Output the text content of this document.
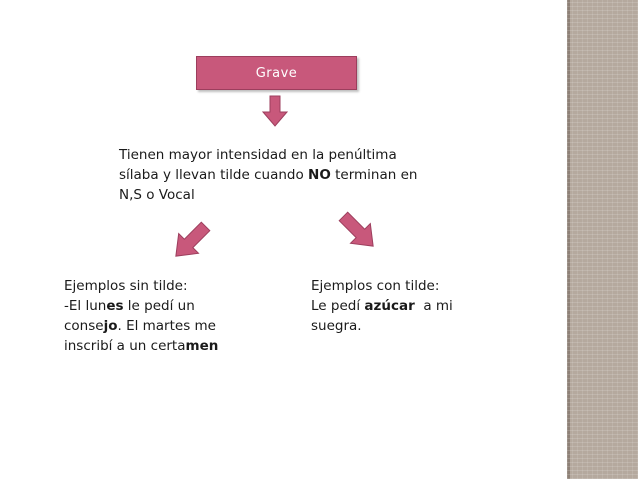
Grave
Tienen mayor intensidad en la penúltima
sílaba y llevan tilde cuando NO terminan en
N,S o Vocal
Ejemplos sin tilde:
-El lunes le pedí un
consejo. El martes me
inscribí a un certamen
Ejemplos con tilde:
Le pedí azúcar  a mi
suegra.
